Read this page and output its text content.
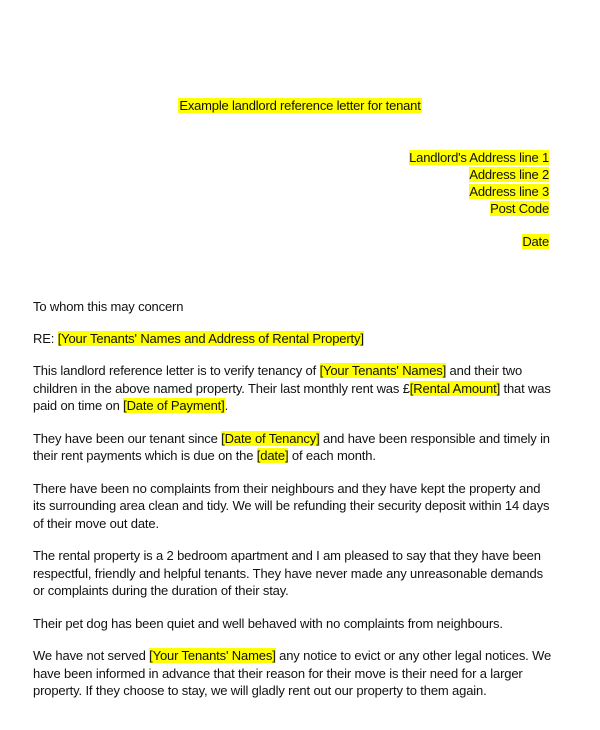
Example landlord reference letter for tenant
Landlord's Address line 1
Address line 2
Address line 3
Post Code
Date

To whom this may concern

RE: [Your Tenants' Names and Address of Rental Property]

This landlord reference letter is to verify tenancy of [Your Tenants' Names] and their two children in the above named property. Their last monthly rent was £[Rental Amount] that was paid on time on [Date of Payment].

They have been our tenant since [Date of Tenancy] and have been responsible and timely in their rent payments which is due on the [date] of each month.

There have been no complaints from their neighbours and they have kept the property and its surrounding area clean and tidy. We will be refunding their security deposit within 14 days of their move out date.

The rental property is a 2 bedroom apartment and I am pleased to say that they have been respectful, friendly and helpful tenants. They have never made any unreasonable demands or complaints during the duration of their stay.

Their pet dog has been quiet and well behaved with no complaints from neighbours.

We have not served [Your Tenants' Names] any notice to evict or any other legal notices. We have been informed in advance that their reason for their move is their need for a larger property. If they choose to stay, we will gladly rent out our property to them again.
